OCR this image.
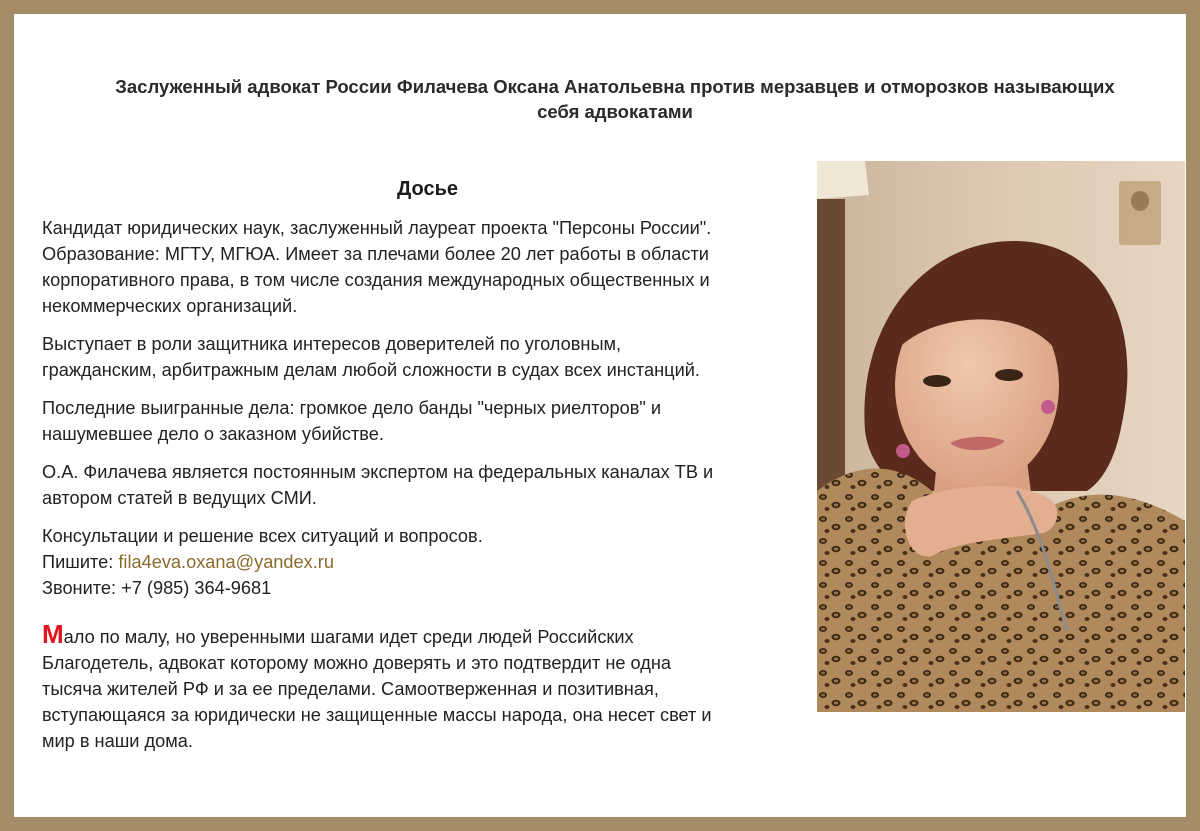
Заслуженный адвокат России Филачева Оксана Анатольевна против мерзавцев и отморозков называющих
себя адвокатами
Досье

Кандидат юридических наук, заслуженный лауреат проекта "Персоны России".
Образование: МГТУ, МГЮА. Имеет за плечами более 20 лет работы в области
корпоративного права, в том числе создания международных общественных и
некоммерческих организаций.

Выступает в роли защитника интересов доверителей по уголовным,
гражданским, арбитражным делам любой сложности в судах всех инстанций.

Последние выигранные дела: громкое дело банды "черных риелторов" и
нашумевшее дело о заказном убийстве.

О.А. Филачева является постоянным экспертом на федеральных каналах ТВ и
автором статей в ведущих СМИ.

Консультации и решение всех ситуаций и вопросов.
Пишите: fila4eva.oxana@yandex.ru
Звоните: +7 (985) 364-9681

Мало по малу, но уверенными шагами идет среди людей Российских
Благодетель, адвокат которому можно доверять и это подтвердит не одна
тысяча жителей РФ и за ее пределами. Самоотверженная и позитивная,
вступающаяся за юридически не защищенные массы народа, она несет свет и
мир в наши дома.
